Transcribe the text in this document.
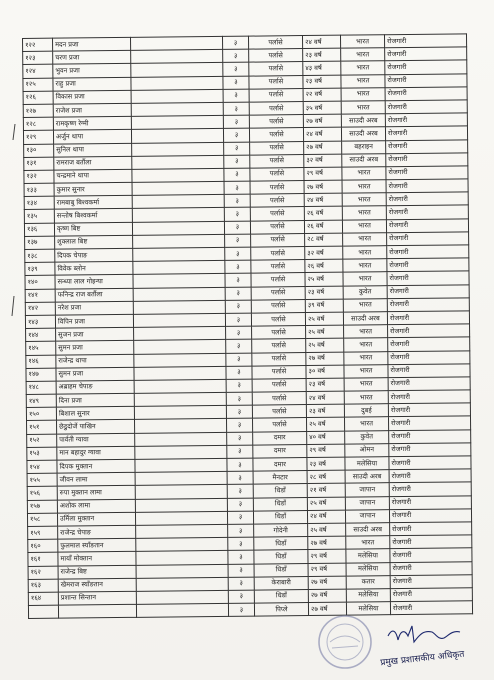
१२२	मदन प्रजा		३	पर्लासे	२४ वर्ष	भारत	रोजगारी
१२३	चरण प्रजा		३	पर्लासे	२३ वर्ष	भारत	रोजगारी
१२४	भुवन प्रजा		३	पर्लासे	४३ वर्ष	भारत	रोजगारी
१२५	राहु प्रजा		३	पर्लासे	२३ वर्ष	भारत	रोजगारी
१२६	विकास प्रजा		३	पर्लासे	२२ वर्ष	भारत	रोजगारी
१२७	राजेश प्रजा		३	पर्लासे	३५ वर्ष	भारत	रोजगारी
१२८	रामकृष्ण रेग्मी		३	पर्लासे	२७ वर्ष	साउदी अरब	रोजगारी
१२९	अर्जुन थापा		३	पर्लासे	२४ वर्ष	साउदी अरब	रोजगारी
१३०	सुनिल थापा		३	पर्लासे	२७ वर्ष	बहराइन	रोजगारी
१३१	रामराज बर्तौला		३	पर्लासे	३२ वर्ष	साउदी अरब	रोजगारी
१३२	चन्द्रमाने थापा		३	पर्लासे	२९ वर्ष	भारत	रोजगारी
१३३	कुमार सुनार		३	पर्लासे	२७ वर्ष	भारत	रोजगारी
१३४	रामबाबु बिश्वकर्मा		३	पर्लासे	२४ वर्ष	भारत	रोजगारी
१३५	सन्तोष बिश्वकर्मा		३	पर्लासे	२६ वर्ष	भारत	रोजगारी
१३६	कृष्ण बिष्ट		३	पर्लासे	२६ वर्ष	भारत	रोजगारी
१३७	शुक्लाल बिष्ट		३	पर्लासे	२८ वर्ष	भारत	रोजगारी
१३८	दिपक चेपाङ		३	पर्लासे	३२ वर्ष	भारत	रोजगारी
१३९	विवेक ब्लोन		३	पर्लासे	२६ वर्ष	भारत	रोजगारी
१४०	सन्ध्या लाल गोइन्या		३	पर्लासे	२५ वर्ष	भारत	रोजगारी
१४१	फनिन्द्र राज बर्तौला		३	पर्लासे	२३ वर्ष	कुवेत	रोजगारी
१४२	नरेश प्रजा		३	पर्लासे	३९ वर्ष	भारत	रोजगारी
१४३	विपिन प्रजा		३	पर्लासे	२५ वर्ष	साउदी अरब	रोजगारी
१४४	सुजन प्रजा		३	पर्लासे	२५ वर्ष	भारत	रोजगारी
१४५	सुमन प्रजा		३	पर्लासे	२५ वर्ष	भारत	रोजगारी
१४६	राजेन्द्र थापा		३	पर्लासे	२७ वर्ष	भारत	रोजगारी
१४७	सुमन प्रजा		३	पर्लासे	३० वर्ष	भारत	रोजगारी
१४८	अब्राहम चेपाङ		३	पर्लासे	२३ वर्ष	भारत	रोजगारी
१४९	दिना प्रजा		३	पर्लासे	२४ वर्ष	भारत	रोजगारी
१५०	बिशाल सुनार		३	पर्लासे	२३ वर्ष	दुबई	रोजगारी
१५१	छेडुदोर्जे पाखिन		३	पर्लासे	२५ वर्ष	भारत	रोजगारी
१५२	पार्वती ग्यावा		३	दमार	४० वर्ष	कुवेत	रोजगारी
१५३	मान बहादुर ग्यावा		३	दमार	२९ वर्ष	ओमन	रोजगारी
१५४	दिपक मुक्तान		३	दमार	२३ वर्ष	मलेसिया	रोजगारी
१५५	जीवन लामा		३	मैनटार	२८ वर्ष	साउदी अरब	रोजगारी
१५६	रुपा मुक्तान लामा		३	धिडाँ	२१ वर्ष	जापान	रोजगारी
१५७	अशोक लामा		३	धिडाँ	२५ वर्ष	जापान	रोजगारी
१५८	उर्मिला मुक्तान		३	धिडाँ	२४ वर्ष	जापान	रोजगारी
१५९	राजेन्द्र चेपाङ		३	गोदेनी	२५ वर्ष	साउदी अरब	रोजगारी
१६०	फुलमाल स्याँङतान		३	धिडाँ	२७ वर्ष	भारत	रोजगारी
१६१	मायाँ मोक्तान		३	धिडाँ	२९ वर्ष	मलेसिया	रोजगारी
१६२	राजेन्द्र बिष्ट		३	धिडाँ	२९ वर्ष	मलेसिया	रोजगारी
१६३	खेमराज स्याँङतान		३	केराबारी	२७ वर्ष	कतार	रोजगारी
१६४	प्रशान्त सिन्तान		३	धिडाँ	२७ वर्ष	मलेसिया	रोजगारी
			३	पिप्ले	२७ वर्ष	मलेसिया	रोजगारी
प्रमुख प्रशासकीय अधिकृत
